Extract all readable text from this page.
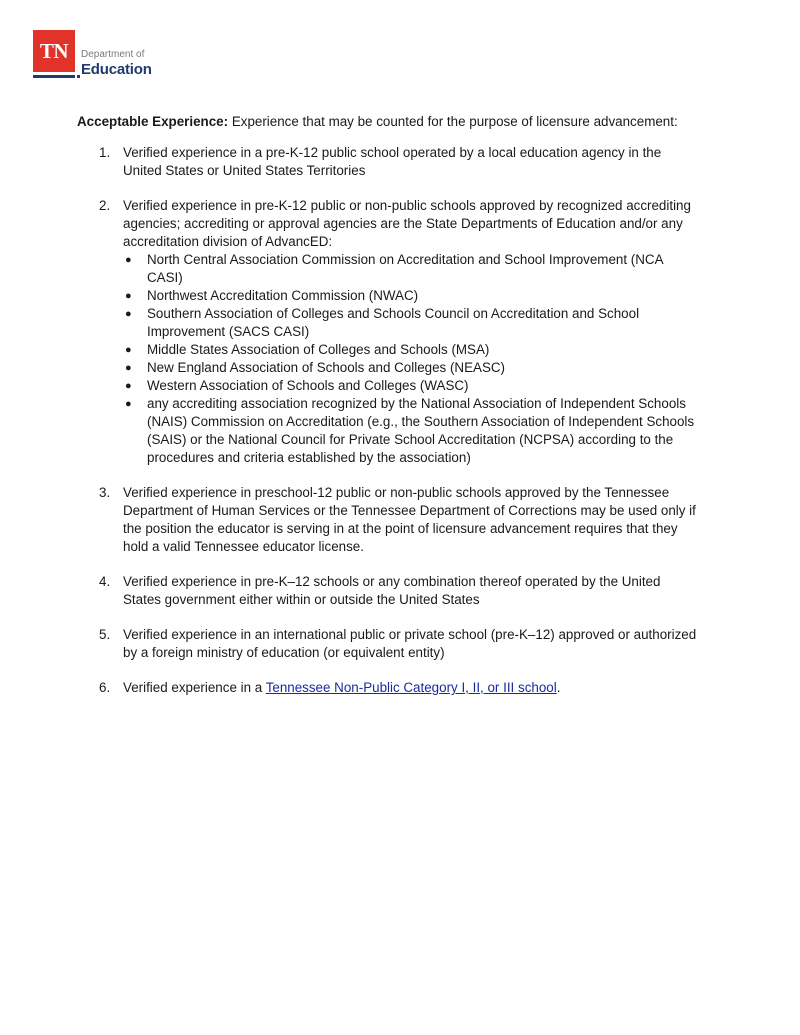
TN	Department of
Education

Acceptable Experience: Experience that may be counted for the purpose of licensure advancement:

1. Verified experience in a pre-K-12 public school operated by a local education agency in the United States or United States Territories
2. Verified experience in pre-K-12 public or non-public schools approved by recognized accrediting agencies; accrediting or approval agencies are the State Departments of Education and/or any accreditation division of AdvancED:
● North Central Association Commission on Accreditation and School Improvement (NCA CASI)
● Northwest Accreditation Commission (NWAC)
● Southern Association of Colleges and Schools Council on Accreditation and School Improvement (SACS CASI)
● Middle States Association of Colleges and Schools (MSA)
● New England Association of Schools and Colleges (NEASC)
● Western Association of Schools and Colleges (WASC)
● any accrediting association recognized by the National Association of Independent Schools (NAIS) Commission on Accreditation (e.g., the Southern Association of Independent Schools (SAIS) or the National Council for Private School Accreditation (NCPSA) according to the procedures and criteria established by the association)
3. Verified experience in preschool-12 public or non-public schools approved by the Tennessee Department of Human Services or the Tennessee Department of Corrections may be used only if the position the educator is serving in at the point of licensure advancement requires that they hold a valid Tennessee educator license.
4. Verified experience in pre-K–12 schools or any combination thereof operated by the United States government either within or outside the United States
5. Verified experience in an international public or private school (pre-K–12) approved or authorized by a foreign ministry of education (or equivalent entity)
6. Verified experience in a Tennessee Non-Public Category I, II, or III school.
